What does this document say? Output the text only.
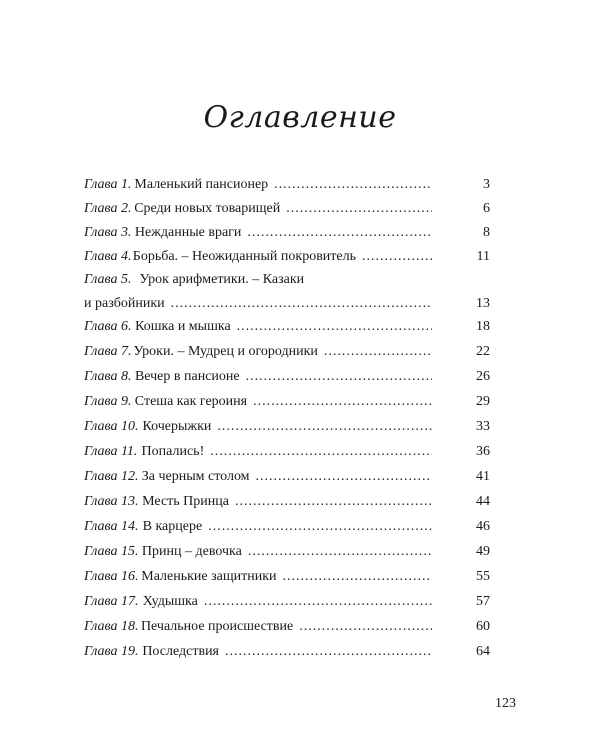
Оглавление
Глава 1. Маленький пансионер .....	3
Глава 2. Среди новых товарищей .....	6
Глава 3. Нежданные враги .....	8
Глава 4. Борьба. – Неожиданный покровитель .....	11
Глава 5. Урок арифметики. – Казаки
и разбойники .....	13
Глава 6. Кошка и мышка .....	18
Глава 7. Уроки. – Мудрец и огородники .....	22
Глава 8. Вечер в пансионе .....	26
Глава 9. Стеша как героиня .....	29
Глава 10. Кочерыжки .....	33
Глава 11. Попались! .....	36
Глава 12. За черным столом .....	41
Глава 13. Месть Принца .....	44
Глава 14. В карцере .....	46
Глава 15. Принц – девочка .....	49
Глава 16. Маленькие защитники .....	55
Глава 17. Худышка .....	57
Глава 18. Печальное происшествие .....	60
Глава 19. Последствия .....	64
123
